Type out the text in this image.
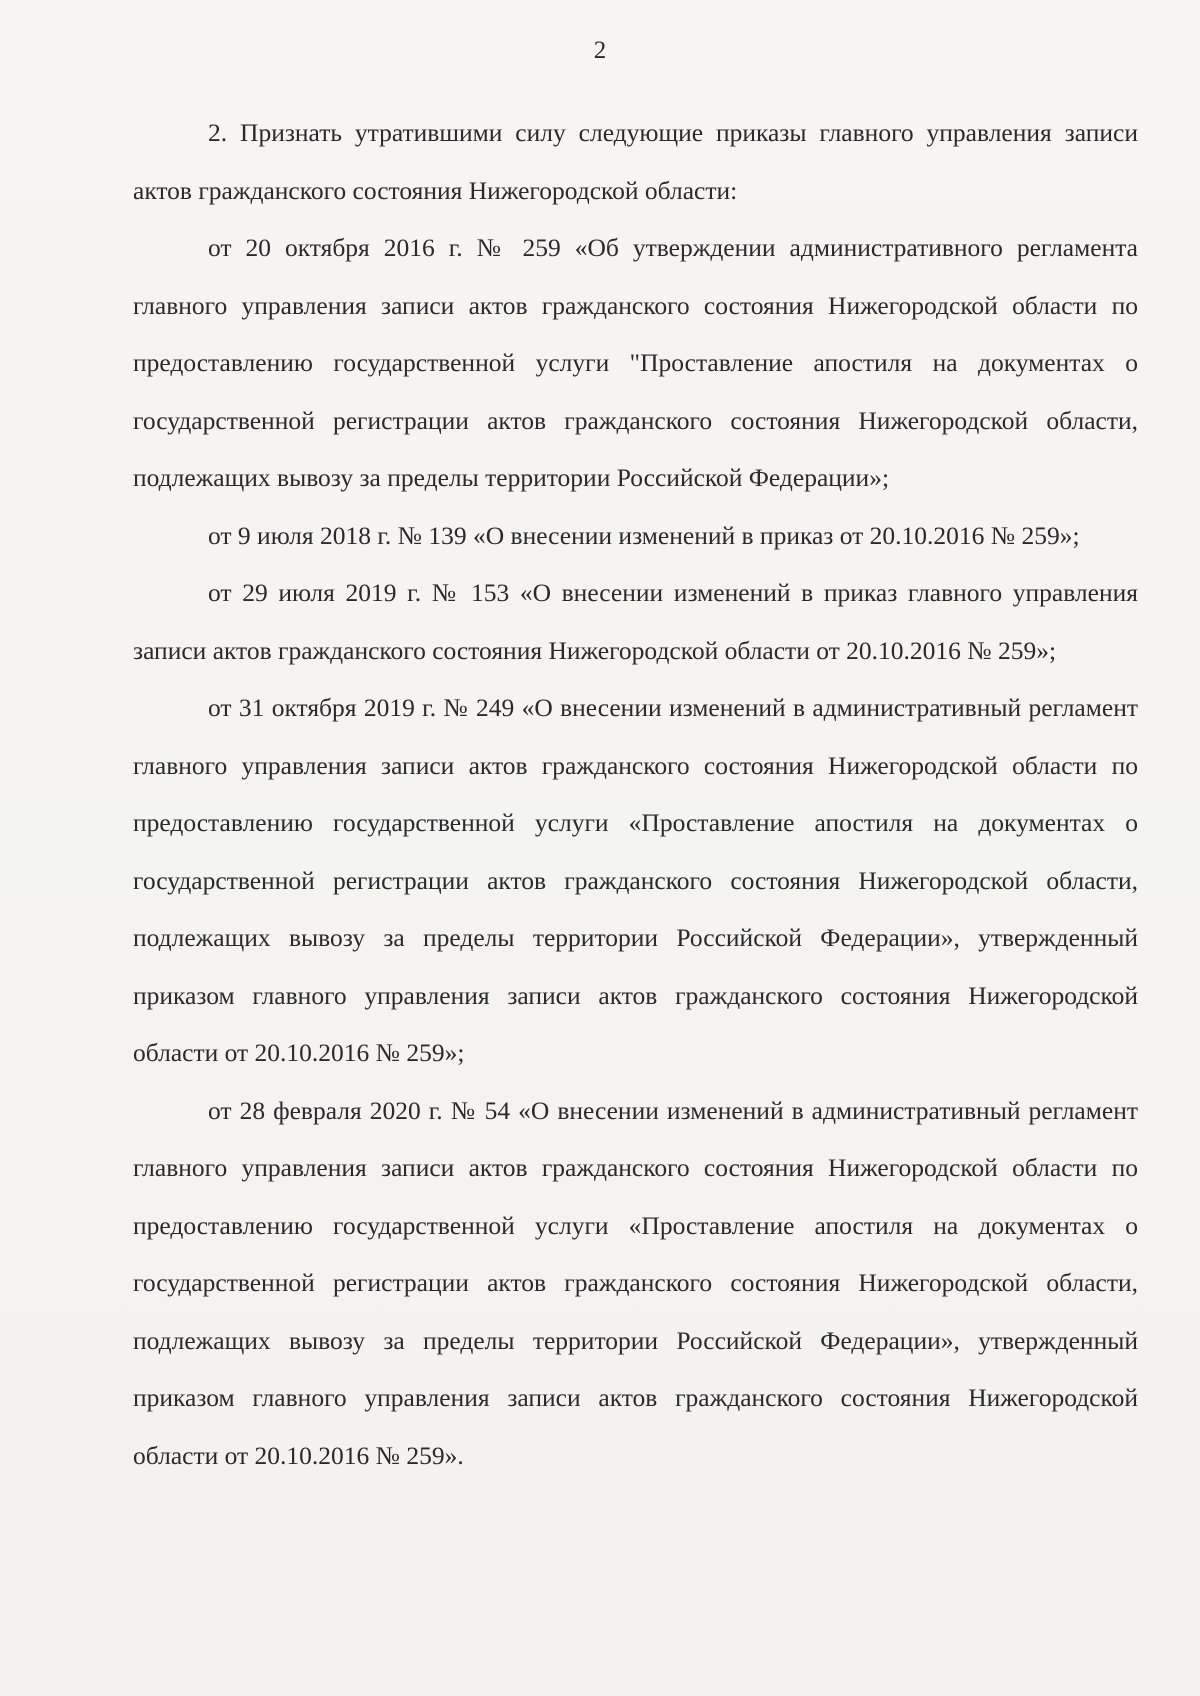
2

2. Признать утратившими силу следующие приказы главного управления записи актов гражданского состояния Нижегородской области:

от 20 октября 2016 г. № 259 «Об утверждении административного регламента главного управления записи актов гражданского состояния Нижегородской области по предоставлению государственной услуги "Проставление апостиля на документах о государственной регистрации актов гражданского состояния Нижегородской области, подлежащих вывозу за пределы территории Российской Федерации»;

от 9 июля 2018 г. № 139 «О внесении изменений в приказ от 20.10.2016 № 259»;

от 29 июля 2019 г. № 153 «О внесении изменений в приказ главного управления записи актов гражданского состояния Нижегородской области от 20.10.2016 № 259»;

от 31 октября 2019 г. № 249 «О внесении изменений в административный регламент главного управления записи актов гражданского состояния Нижегородской области по предоставлению государственной услуги «Проставление апостиля на документах о государственной регистрации актов гражданского состояния Нижегородской области, подлежащих вывозу за пределы территории Российской Федерации», утвержденный приказом главного управления записи актов гражданского состояния Нижегородской области от 20.10.2016 № 259»;

от 28 февраля 2020 г. № 54 «О внесении изменений в административный регламент главного управления записи актов гражданского состояния Нижегородской области по предоставлению государственной услуги «Проставление апостиля на документах о государственной регистрации актов гражданского состояния Нижегородской области, подлежащих вывозу за пределы территории Российской Федерации», утвержденный приказом главного управления записи актов гражданского состояния Нижегородской области от 20.10.2016 № 259».
